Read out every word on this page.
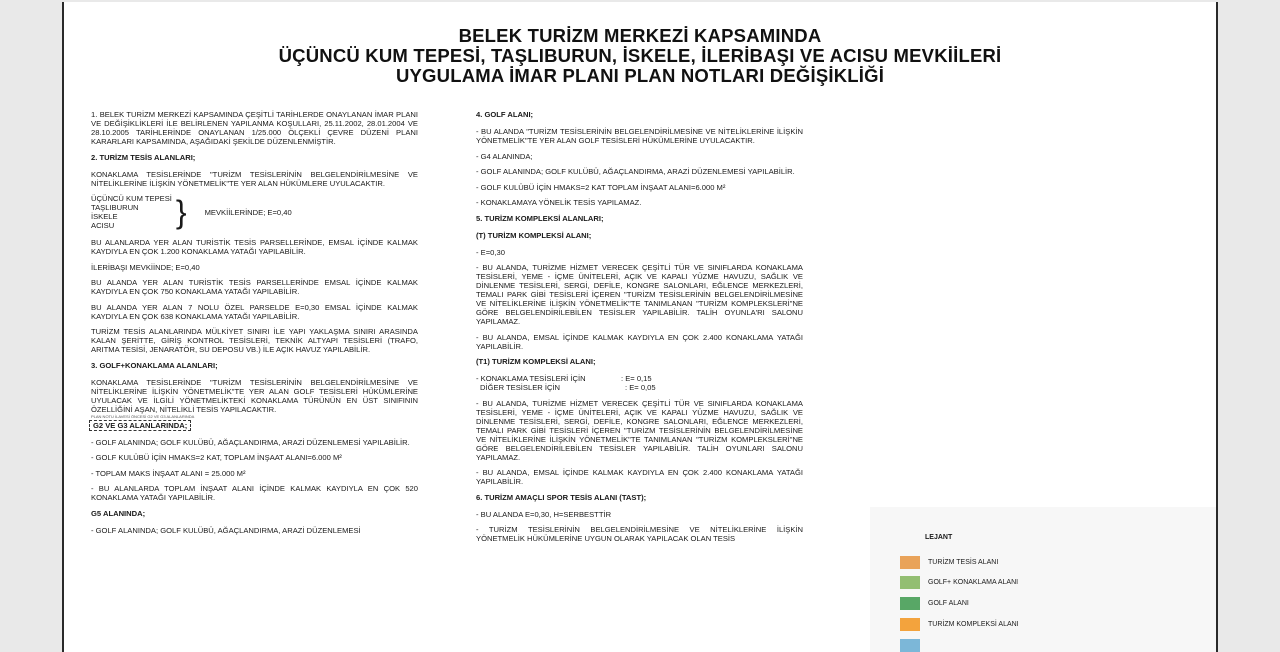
BELEK TURİZM MERKEZİ KAPSAMINDA
ÜÇÜNCÜ KUM TEPESİ, TAŞLIBURUN, İSKELE, İLERİBAŞI VE ACISU MEVKİİLERİ
UYGULAMA İMAR PLANI PLAN NOTLARI DEĞİŞİKLİĞİ

1. BELEK TURİZM MERKEZİ KAPSAMINDA ÇEŞİTLİ TARİHLERDE ONAYLANAN İMAR PLANI VE DEĞİŞİKLİKLERİ İLE BELİRLENEN YAPILANMA KOŞULLARI, 25.11.2002, 28.01.2004 VE 28.10.2005 TARİHLERİNDE ONAYLANAN 1/25.000 ÖLÇEKLİ ÇEVRE DÜZENİ PLANI KARARLARI KAPSAMINDA, AŞAĞIDAKİ ŞEKİLDE DÜZENLENMİŞTİR.

2. TURİZM TESİS ALANLARI;

KONAKLAMA TESİSLERİNDE "TURİZM TESİSLERİNİN BELGELENDİRİLMESİNE VE NİTELİKLERİNE İLİŞKİN YÖNETMELİK"TE YER ALAN HÜKÜMLERE UYULACAKTIR.

ÜÇÜNCÜ KUM TEPESİ
TAŞLIBURUN
İSKELE
ACISU	} MEVKİİLERİNDE; E=0,40

BU ALANLARDA YER ALAN TURİSTİK TESİS PARSELLERİNDE, EMSAL İÇİNDE KALMAK KAYDIYLA EN ÇOK 1.200 KONAKLAMA YATAĞI YAPILABİLİR.

İLERİBAŞI MEVKİİNDE; E=0,40

BU ALANDA YER ALAN TURİSTİK TESİS PARSELLERİNDE EMSAL İÇİNDE KALMAK KAYDIYLA EN ÇOK 750 KONAKLAMA YATAĞI YAPILABİLİR.

BU ALANDA YER ALAN 7 NOLU ÖZEL PARSELDE E=0,30 EMSAL İÇİNDE KALMAK KAYDIYLA EN ÇOK 638 KONAKLAMA YATAĞI YAPILABİLİR.

TURİZM TESİS ALANLARINDA MÜLKİYET SINIRI İLE YAPI YAKLAŞMA SINIRI ARASINDA KALAN ŞERİTTE, GİRİŞ KONTROL TESİSLERİ, TEKNİK ALTYAPI TESİSLERİ (TRAFO, ARITMA TESİSİ, JENARATÖR, SU DEPOSU VB.) İLE AÇIK HAVUZ YAPILABİLİR.

3. GOLF+KONAKLAMA ALANLARI;

KONAKLAMA TESİSLERİNDE "TURİZM TESİSLERİNİN BELGELENDİRİLMESİNE VE NİTELİKLERİNE İLİŞKİN YÖNETMELİK"TE YER ALAN GOLF TESİSLERİ HÜKÜMLERİNE UYULACAK VE İLGİLİ YÖNETMELİKTEKİ KONAKLAMA TÜRÜNÜN EN ÜST SINIFININ ÖZELLİĞİNİ AŞAN, NİTELİKLİ TESİS YAPILACAKTIR.

PLAN NOTU İLAVESİ ÖNCESİ G2 VE G3 ALANLARINDA

G2 VE G3 ALANLARINDA;

- GOLF ALANINDA; GOLF KULÜBÜ, AĞAÇLANDIRMA, ARAZİ DÜZENLEMESİ YAPILABİLİR.

- GOLF KULÜBÜ İÇİN HMAKS=2 KAT, TOPLAM İNŞAAT ALANI=6.000 M²

- TOPLAM MAKS İNŞAAT ALANI = 25.000 M²

- BU ALANLARDA TOPLAM İNŞAAT ALANI İÇİNDE KALMAK KAYDIYLA EN ÇOK 520 KONAKLAMA YATAĞI YAPILABİLİR.

G5 ALANINDA;

- GOLF ALANINDA; GOLF KULÜBÜ, AĞAÇLANDIRMA, ARAZİ DÜZENLEMESİ

4. GOLF ALANI;

- BU ALANDA "TURİZM TESİSLERİNİN BELGELENDİRİLMESİNE VE NİTELİKLERİNE İLİŞKİN YÖNETMELİK"TE YER ALAN GOLF TESİSLERİ HÜKÜMLERİNE UYULACAKTIR.

- G4 ALANINDA;

- GOLF ALANINDA; GOLF KULÜBÜ, AĞAÇLANDIRMA, ARAZİ DÜZENLEMESİ YAPILABİLİR.

- GOLF KULÜBÜ İÇİN HMAKS=2 KAT TOPLAM İNŞAAT ALANI=6.000 M²

- KONAKLAMAYA YÖNELİK TESİS YAPILAMAZ.

5. TURİZM KOMPLEKSİ ALANLARI;

(T) TURİZM KOMPLEKSİ ALANI;

- E=0,30

- BU ALANDA, TURİZME HİZMET VERECEK ÇEŞİTLİ TÜR VE SINIFLARDA KONAKLAMA TESİSLERİ, YEME - İÇME ÜNİTELERİ, AÇIK VE KAPALI YÜZME HAVUZU, SAĞLIK VE DİNLENME TESİSLERİ, SERGİ, DEFİLE, KONGRE SALONLARI, EĞLENCE MERKEZLERİ, TEMALI PARK GİBİ TESİSLERİ İÇEREN "TURİZM TESİSLERİNİN BELGELENDİRİLMESİNE VE NİTELİKLERİNE İLİŞKİN YÖNETMELİK"TE TANIMLANAN "TURİZM KOMPLEKSLERİ"NE GÖRE BELGELENDİRİLEBİLEN TESİSLER YAPILABİLİR. TALİH OYUNLA'RI SALONU YAPILAMAZ.

- BU ALANDA, EMSAL İÇİNDE KALMAK KAYDIYLA EN ÇOK 2.400 KONAKLAMA YATAĞI YAPILABİLİR.

(T1) TURİZM KOMPLEKSİ ALANI;

- KONAKLAMA TESİSLERİ İÇİN	: E= 0,15
DİĞER TESİSLER İÇİN	: E= 0,05

- BU ALANDA, TURİZME HİZMET VERECEK ÇEŞİTLİ TÜR VE SINIFLARDA KONAKLAMA TESİSLERİ, YEME - İÇME ÜNİTELERİ, AÇIK VE KAPALI YÜZME HAVUZU, SAĞLIK VE DİNLENME TESİSLERİ, SERGİ, DEFİLE, KONGRE SALONLARI, EĞLENCE MERKEZLERİ, TEMALI PARK GİBİ TESİSLERİ İÇEREN "TURİZM TESİSLERİNİN BELGELENDİRİLMESİNE VE NİTELİKLERİNE İLİŞKİN YÖNETMELİK"TE TANIMLANAN "TURİZM KOMPLEKSLERİ"NE GÖRE BELGELENDİRİLEBİLEN TESİSLER YAPILABİLİR. TALİH OYUNLARI SALONU YAPILAMAZ.

- BU ALANDA, EMSAL İÇİNDE KALMAK KAYDIYLA EN ÇOK 2.400 KONAKLAMA YATAĞI YAPILABİLİR.

6. TURİZM AMAÇLI SPOR TESİS ALANI (TAST);

- BU ALANDA E=0,30, H=SERBESTTİR

- TURİZM TESİSLERİNİN BELGELENDİRİLMESİNE VE NİTELİKLERİNE İLİŞKİN YÖNETMELİK HÜKÜMLERİNE UYGUN OLARAK YAPILACAK OLAN TESİS	LEJANT
TURİZM TESİS ALANI
GOLF+ KONAKLAMA ALANI
GOLF ALANI
TURİZM KOMPLEKSİ ALANI
